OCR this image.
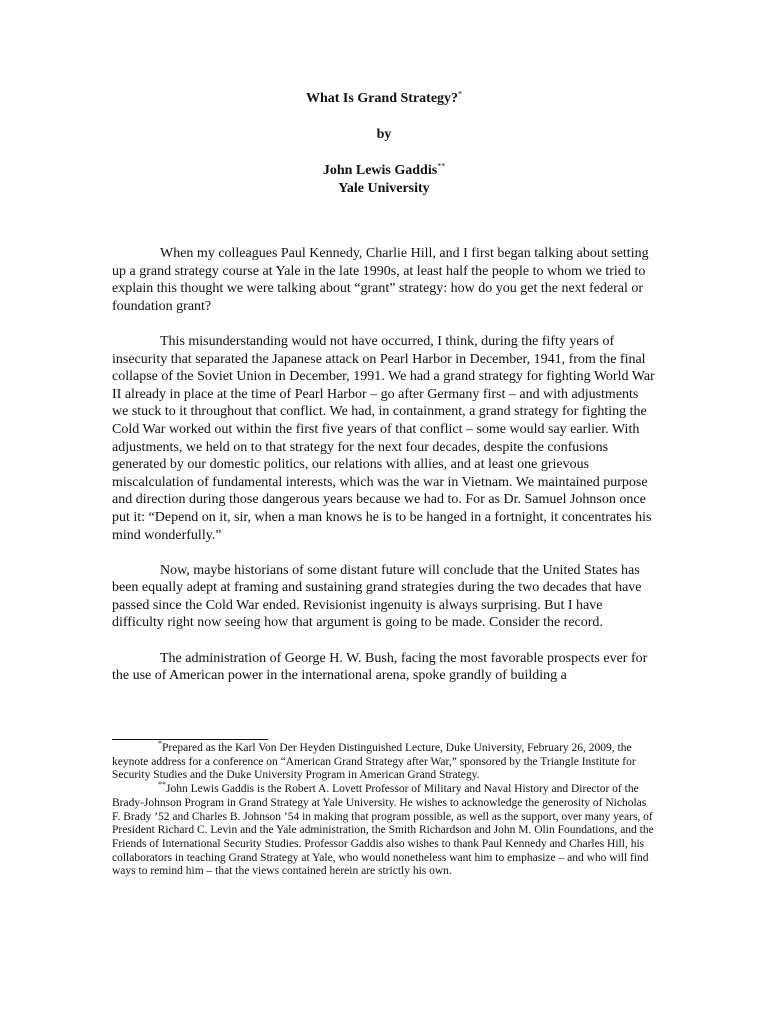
What Is Grand Strategy?*
by
John Lewis Gaddis**
Yale University

When my colleagues Paul Kennedy, Charlie Hill, and I first began talking about setting up a grand strategy course at Yale in the late 1990s, at least half the people to whom we tried to explain this thought we were talking about “grant” strategy: how do you get the next federal or foundation grant?

This misunderstanding would not have occurred, I think, during the fifty years of insecurity that separated the Japanese attack on Pearl Harbor in December, 1941, from the final collapse of the Soviet Union in December, 1991. We had a grand strategy for fighting World War II already in place at the time of Pearl Harbor – go after Germany first – and with adjustments we stuck to it throughout that conflict. We had, in containment, a grand strategy for fighting the Cold War worked out within the first five years of that conflict – some would say earlier. With adjustments, we held on to that strategy for the next four decades, despite the confusions generated by our domestic politics, our relations with allies, and at least one grievous miscalculation of fundamental interests, which was the war in Vietnam. We maintained purpose and direction during those dangerous years because we had to. For as Dr. Samuel Johnson once put it: “Depend on it, sir, when a man knows he is to be hanged in a fortnight, it concentrates his mind wonderfully.”

Now, maybe historians of some distant future will conclude that the United States has been equally adept at framing and sustaining grand strategies during the two decades that have passed since the Cold War ended. Revisionist ingenuity is always surprising. But I have difficulty right now seeing how that argument is going to be made. Consider the record.

The administration of George H. W. Bush, facing the most favorable prospects ever for the use of American power in the international arena, spoke grandly of building a

*Prepared as the Karl Von Der Heyden Distinguished Lecture, Duke University, February 26, 2009, the keynote address for a conference on “American Grand Strategy after War,” sponsored by the Triangle Institute for Security Studies and the Duke University Program in American Grand Strategy.

**John Lewis Gaddis is the Robert A. Lovett Professor of Military and Naval History and Director of the Brady-Johnson Program in Grand Strategy at Yale University. He wishes to acknowledge the generosity of Nicholas F. Brady ’52 and Charles B. Johnson ’54 in making that program possible, as well as the support, over many years, of President Richard C. Levin and the Yale administration, the Smith Richardson and John M. Olin Foundations, and the Friends of International Security Studies. Professor Gaddis also wishes to thank Paul Kennedy and Charles Hill, his collaborators in teaching Grand Strategy at Yale, who would nonetheless want him to emphasize – and who will find ways to remind him – that the views contained herein are strictly his own.
